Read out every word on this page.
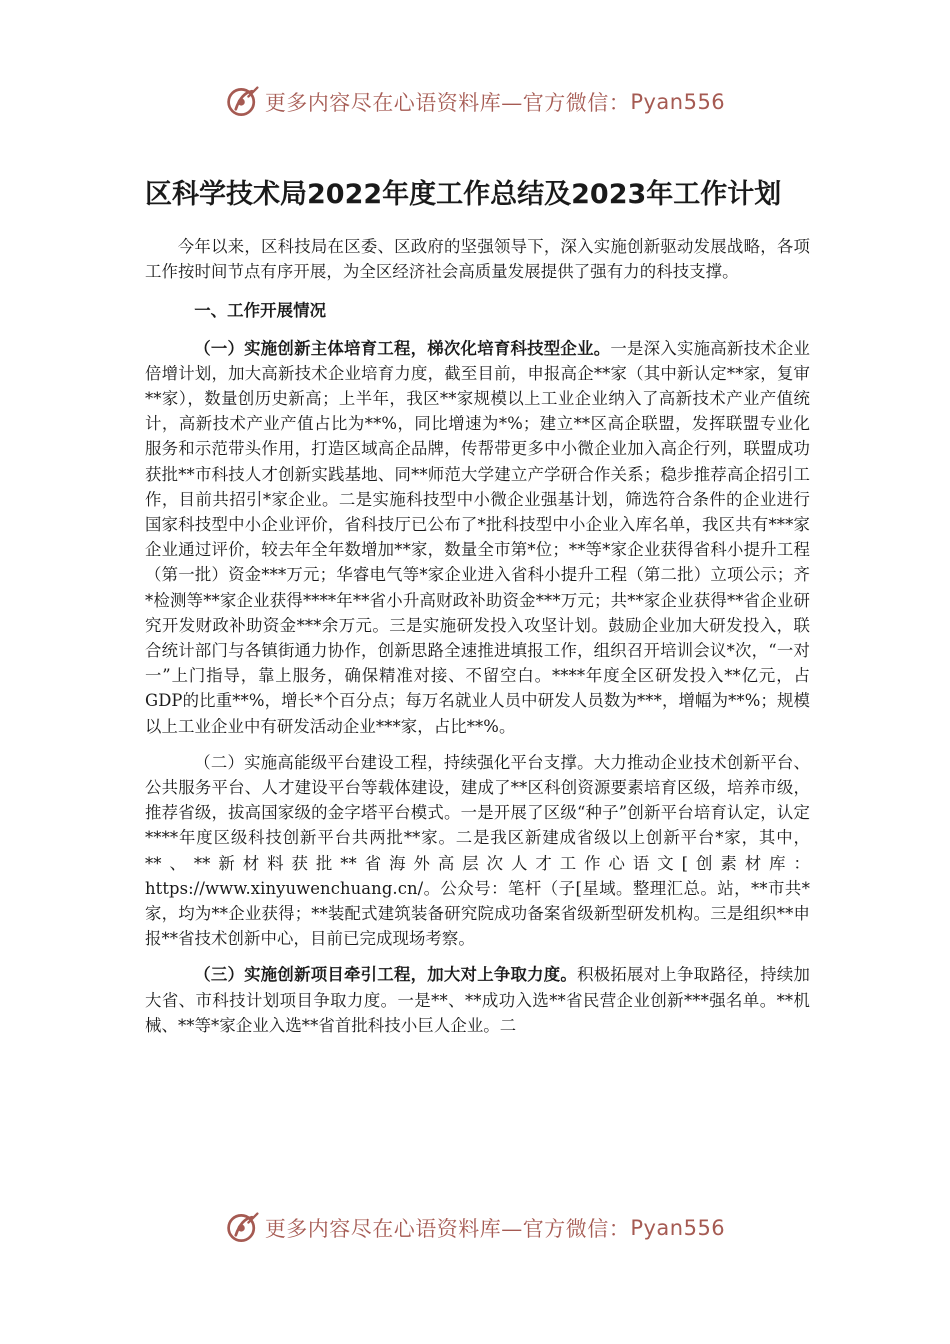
更多内容尽在心语资料库—官方微信： Pyan556
区科学技术局2022年度工作总结及2023年工作计划

今年以来，区科技局在区委、区政府的坚强领导下，深入实施创新驱动发展战略，各项工作按时间节点有序开展，为全区经济社会高质量发展提供了强有力的科技支撑。

一、工作开展情况

（一）实施创新主体培育工程，梯次化培育科技型企业。一是深入实施高新技术企业倍增计划，加大高新技术企业培育力度，截至目前，申报高企**家（其中新认定**家，复审**家），数量创历史新高；上半年，我区**家规模以上工业企业纳入了高新技术产业产值统计，高新技术产业产值占比为**%，同比增速为*%；建立**区高企联盟，发挥联盟专业化服务和示范带头作用，打造区域高企品牌，传帮带更多中小微企业加入高企行列，联盟成功获批**市科技人才创新实践基地、同**师范大学建立产学研合作关系；稳步推荐高企招引工作，目前共招引*家企业。二是实施科技型中小微企业强基计划，筛选符合条件的企业进行国家科技型中小企业评价，省科技厅已公布了*批科技型中小企业入库名单，我区共有***家企业通过评价，较去年全年数增加**家，数量全市第*位；**等*家企业获得省科小提升工程（第一批）资金***万元；华睿电气等*家企业进入省科小提升工程（第二批）立项公示；齐*检测等**家企业获得****年**省小升高财政补助资金***万元；共**家企业获得**省企业研究开发财政补助资金***余万元。三是实施研发投入攻坚计划。鼓励企业加大研发投入，联合统计部门与各镇街通力协作，创新思路全速推进填报工作，组织召开培训会议*次，“一对一”上门指导，靠上服务，确保精准对接、不留空白。****年度全区研发投入**亿元，占GDP的比重**%，增长*个百分点；每万名就业人员中研发人员数为***，增幅为**%；规模以上工业企业中有研发活动企业***家，占比**%。

（二）实施高能级平台建设工程，持续强化平台支撑。大力推动企业技术创新平台、公共服务平台、人才建设平台等载体建设，建成了**区科创资源要素培育区级，培养市级，推荐省级，拔高国家级的金字塔平台模式。一是开展了区级“种子”创新平台培育认定，认定****年度区级科技创新平台共两批**家。二是我区新建成省级以上创新平台*家，其中，**、**新材料获批**省海外高层次人才工作心语文[创素材库：https://www.xinyuwenchuang.cn/。公众号：笔杆（子[星域。整理汇总。站，**市共*家，均为**企业获得；**装配式建筑装备研究院成功备案省级新型研发机构。三是组织**申报**省技术创新中心，目前已完成现场考察。

（三）实施创新项目牵引工程，加大对上争取力度。积极拓展对上争取路径，持续加大省、市科技计划项目争取力度。一是**、**成功入选**省民营企业创新***强名单。**机械、**等*家企业入选**省首批科技小巨人企业。二

更多内容尽在心语资料库—官方微信： Pyan556
